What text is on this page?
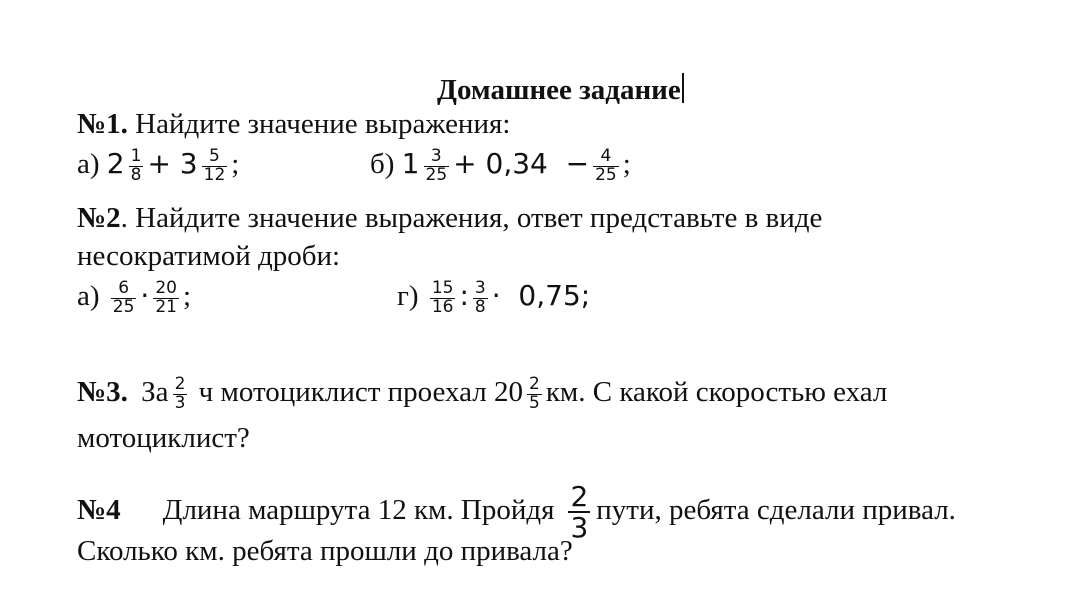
Домашнее задание
№1. Найдите значение выражения:
а) $2 \frac{1}{8} + 3 \frac{5}{12}$ ;	б) $1 \frac{3}{25} + 0,34 - \frac{4}{25}$ ;
№2. Найдите значение выражения, ответ представьте в виде
несократимой дроби:
$а) \frac{6}{25} \cdot \frac{20}{21}$ ;	$г) \frac{15}{16}$ : $\frac{3}{8} \cdot 0,75$;
№3. За $\frac{2}{3}$ ч мотоциклист проехал $20 \frac{2}{5}$ км. С какой скоростью ехал
мотоциклист?
№4 Длина маршрута 12 км. Пройдя $\frac{2}{3}$ пути, ребята сделали привал.
Сколько км. ребята прошли до привала?
